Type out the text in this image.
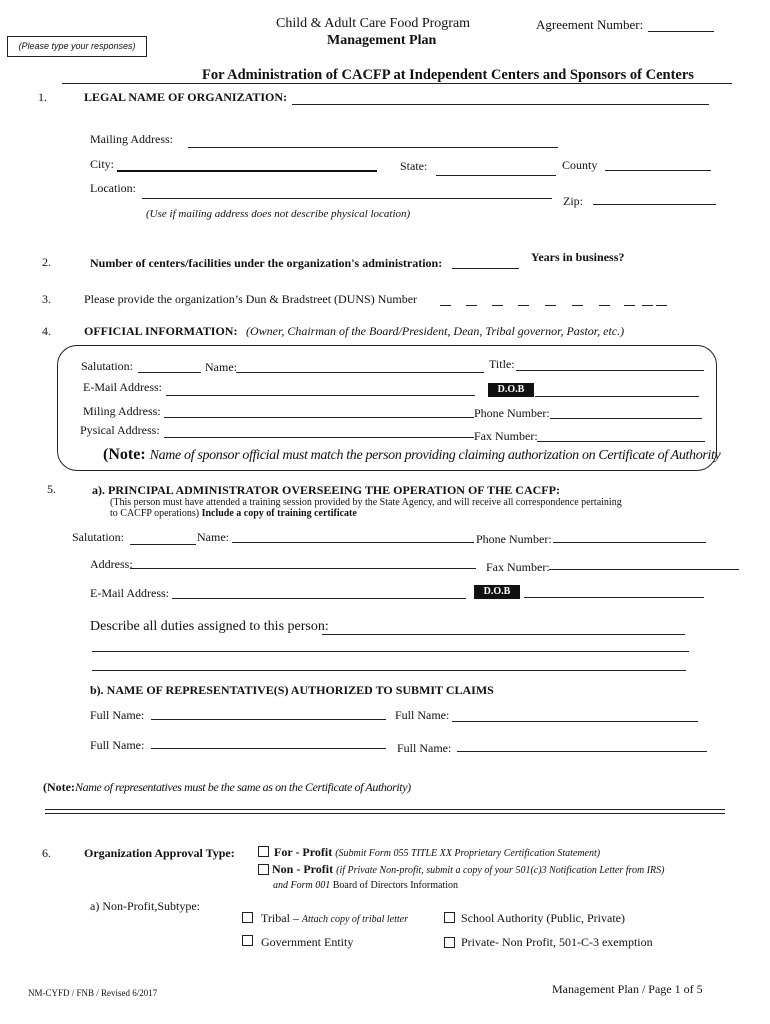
Child & Adult Care Food Program
Management Plan
Agreement Number:
(Please type your responses)
For Administration of CACFP at Independent Centers and Sponsors of Centers
1.	LEGAL NAME OF ORGANIZATION:
Mailing Address:
City:	State:	County
Location:
Zip:
(Use if mailing address does not describe physical location)
2.	Number of centers/facilities under the organization's administration:	Years in business?
3.	Please provide the organization’s Dun & Bradstreet (DUNS) Number
4.	OFFICIAL INFORMATION: (Owner, Chairman of the Board/President, Dean, Tribal governor, Pastor, etc.)
Salutation:	Name:	Title:
E-Mail Address:	D.O.B
Miling Address:	Phone Number:
Pysical Address:	Fax Number:
(Note: Name of sponsor official must match the person providing claiming authorization on Certificate of Authority
5.	a). PRINCIPAL ADMINISTRATOR OVERSEEING THE OPERATION OF THE CACFP:
(This person must have attended a training session provided by the State Agency, and will receive all correspondence pertaining
to CACFP operations) Include a copy of training certificate
Salutation:	Name:	Phone Number:
Address:	Fax Number:
E-Mail Address:	D.O.B
Describe all duties assigned to this person:
b). NAME OF REPRESENTATIVE(S) AUTHORIZED TO SUBMIT CLAIMS
Full Name:	Full Name:
Full Name:	Full Name:
(Note:Name of representatives must be the same as on the Certificate of Authority)
6.	Organization Approval Type:	For - Profit (Submit Form 055 TITLE XX Proprietary Certification Statement)
Non - Profit (if Private Non-profit, submit a copy of your 501(c)3 Notification Letter from IRS)
and Form 001 Board of Directors Information
a) Non-Profit,Subtype:
Tribal – Attach copy of tribal letter	School Authority (Public, Private)
Government Entity	Private- Non Profit, 501-C-3 exemption
NM-CYFD / FNB / Revised 6/2017	Management Plan / Page 1 of 5
